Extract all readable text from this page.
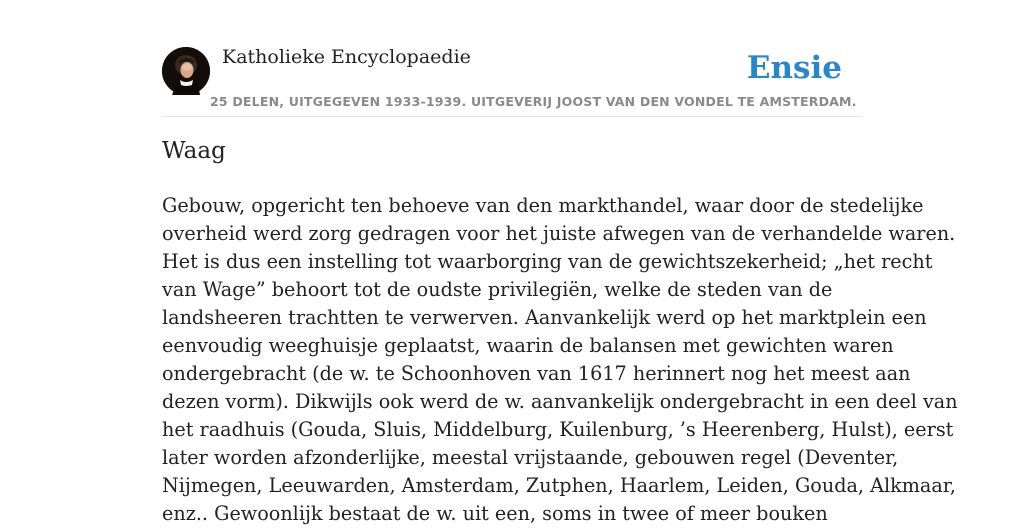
Katholieke Encyclopaedie
25 DELEN, UITGEGEVEN 1933-1939. UITGEVERIJ JOOST VAN DEN VONDEL TE AMSTERDAM.
Ensie
Waag
Gebouw, opgericht ten behoeve van den markthandel, waar door de stedelijke
overheid werd zorg gedragen voor het juiste afwegen van de verhandelde waren.
Het is dus een instelling tot waarborging van de gewichtszekerheid; „het recht
van Wage” behoort tot de oudste privilegiën, welke de steden van de
landsheeren trachtten te verwerven. Aanvankelijk werd op het marktplein een
eenvoudig weeghuisje geplaatst, waarin de balansen met gewichten waren
ondergebracht (de w. te Schoonhoven van 1617 herinnert nog het meest aan
dezen vorm). Dikwijls ook werd de w. aanvankelijk ondergebracht in een deel van
het raadhuis (Gouda, Sluis, Middelburg, Kuilenburg, ’s Heerenberg, Hulst), eerst
later worden afzonderlijke, meestal vrijstaande, gebouwen regel (Deventer,
Nijmegen, Leeuwarden, Amsterdam, Zutphen, Haarlem, Leiden, Gouda, Alkmaar,
enz.. Gewoonlijk bestaat de w. uit een, soms in twee of meer bouken
